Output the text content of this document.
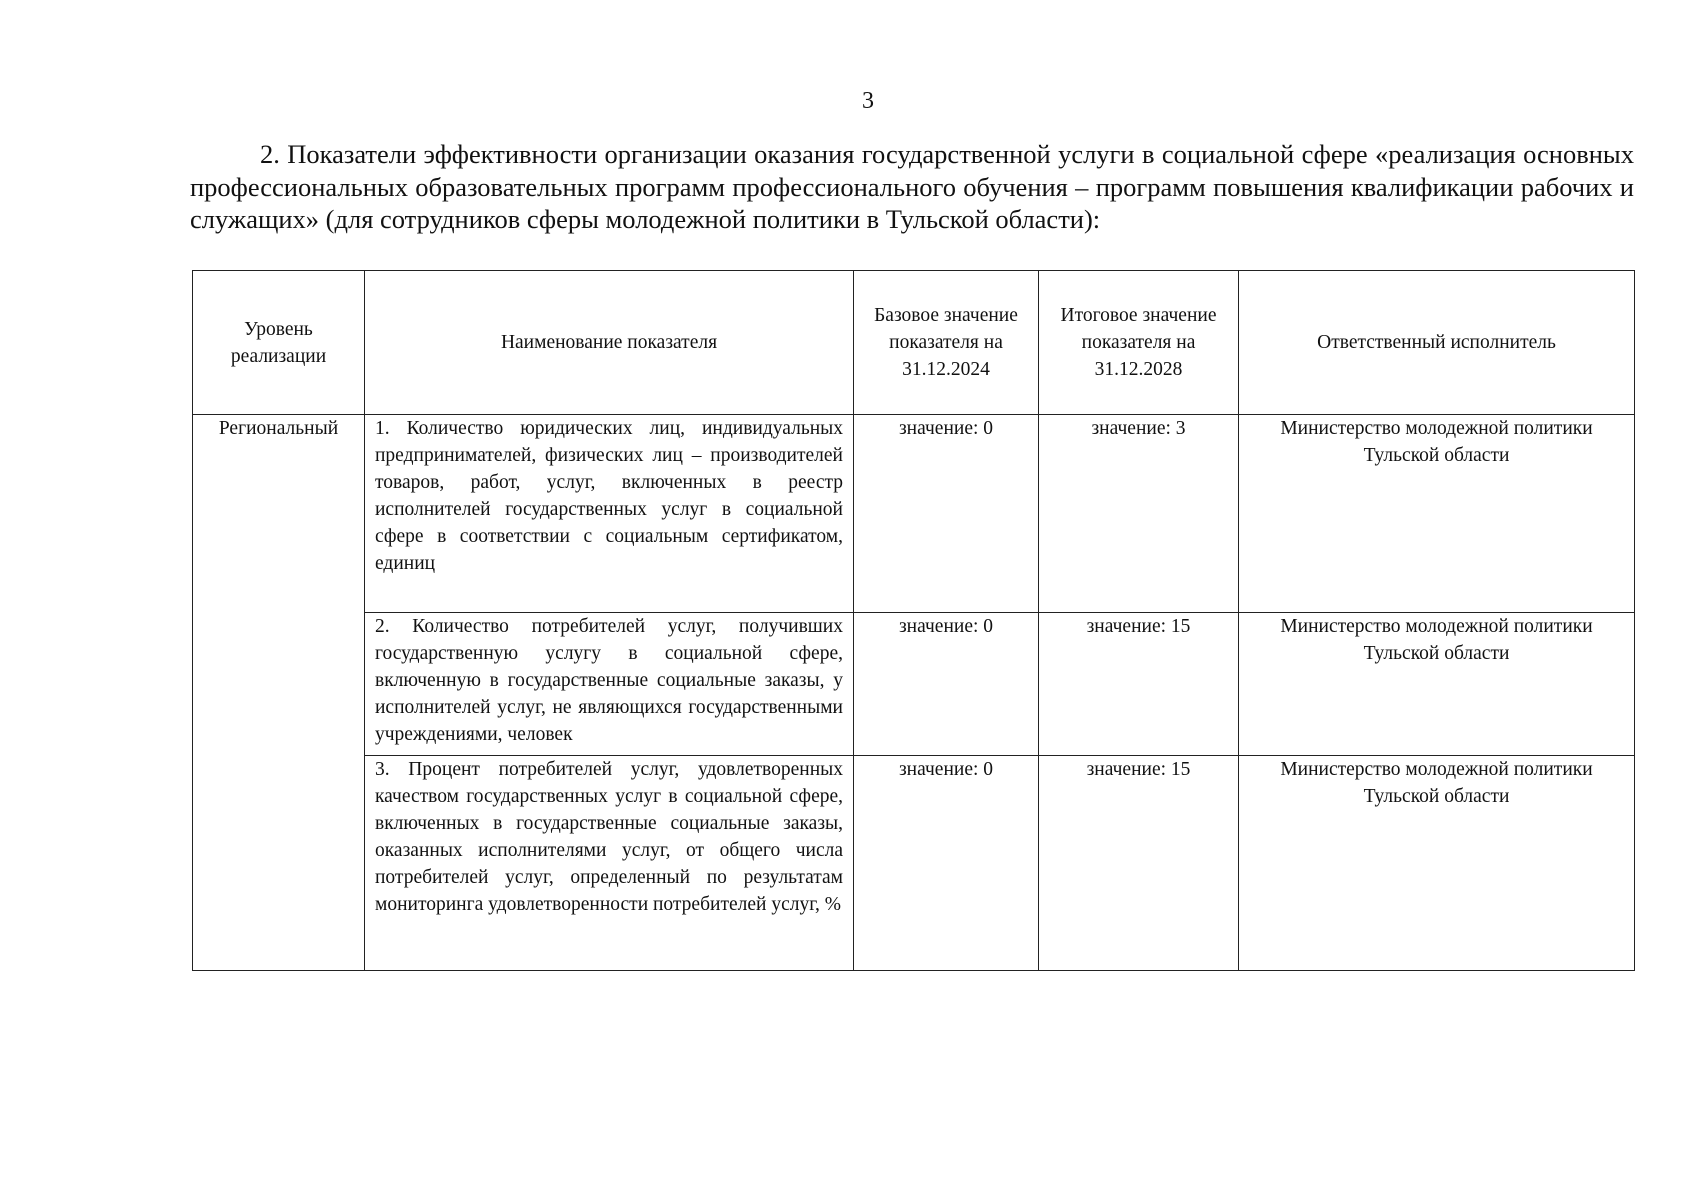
3

2. Показатели эффективности организации оказания государственной услуги в социальной сфере «реализация основных профессиональных образовательных программ профессионального обучения – программ повышения квалификации рабочих и служащих» (для сотрудников сферы молодежной политики в Тульской области):

Уровень реализации	Наименование показателя	Базовое значение показателя на 31.12.2024	Итоговое значение показателя на 31.12.2028	Ответственный исполнитель
Региональный	1. Количество юридических лиц, индивидуальных предпринимателей, физических лиц – производителей товаров, работ, услуг, включенных в реестр исполнителей государственных услуг в социальной сфере в соответствии с социальным сертификатом, единиц	значение: 0	значение: 3	Министерство молодежной политики Тульской области
	2. Количество потребителей услуг, получивших государственную услугу в социальной сфере, включенную в государственные социальные заказы, у исполнителей услуг, не являющихся государственными учреждениями, человек	значение: 0	значение: 15	Министерство молодежной политики Тульской области
	3. Процент потребителей услуг, удовлетворенных качеством государственных услуг в социальной сфере, включенных в государственные социальные заказы, оказанных исполнителями услуг, от общего числа потребителей услуг, определенный по результатам мониторинга удовлетворенности потребителей услуг, %	значение: 0	значение: 15	Министерство молодежной политики Тульской области
